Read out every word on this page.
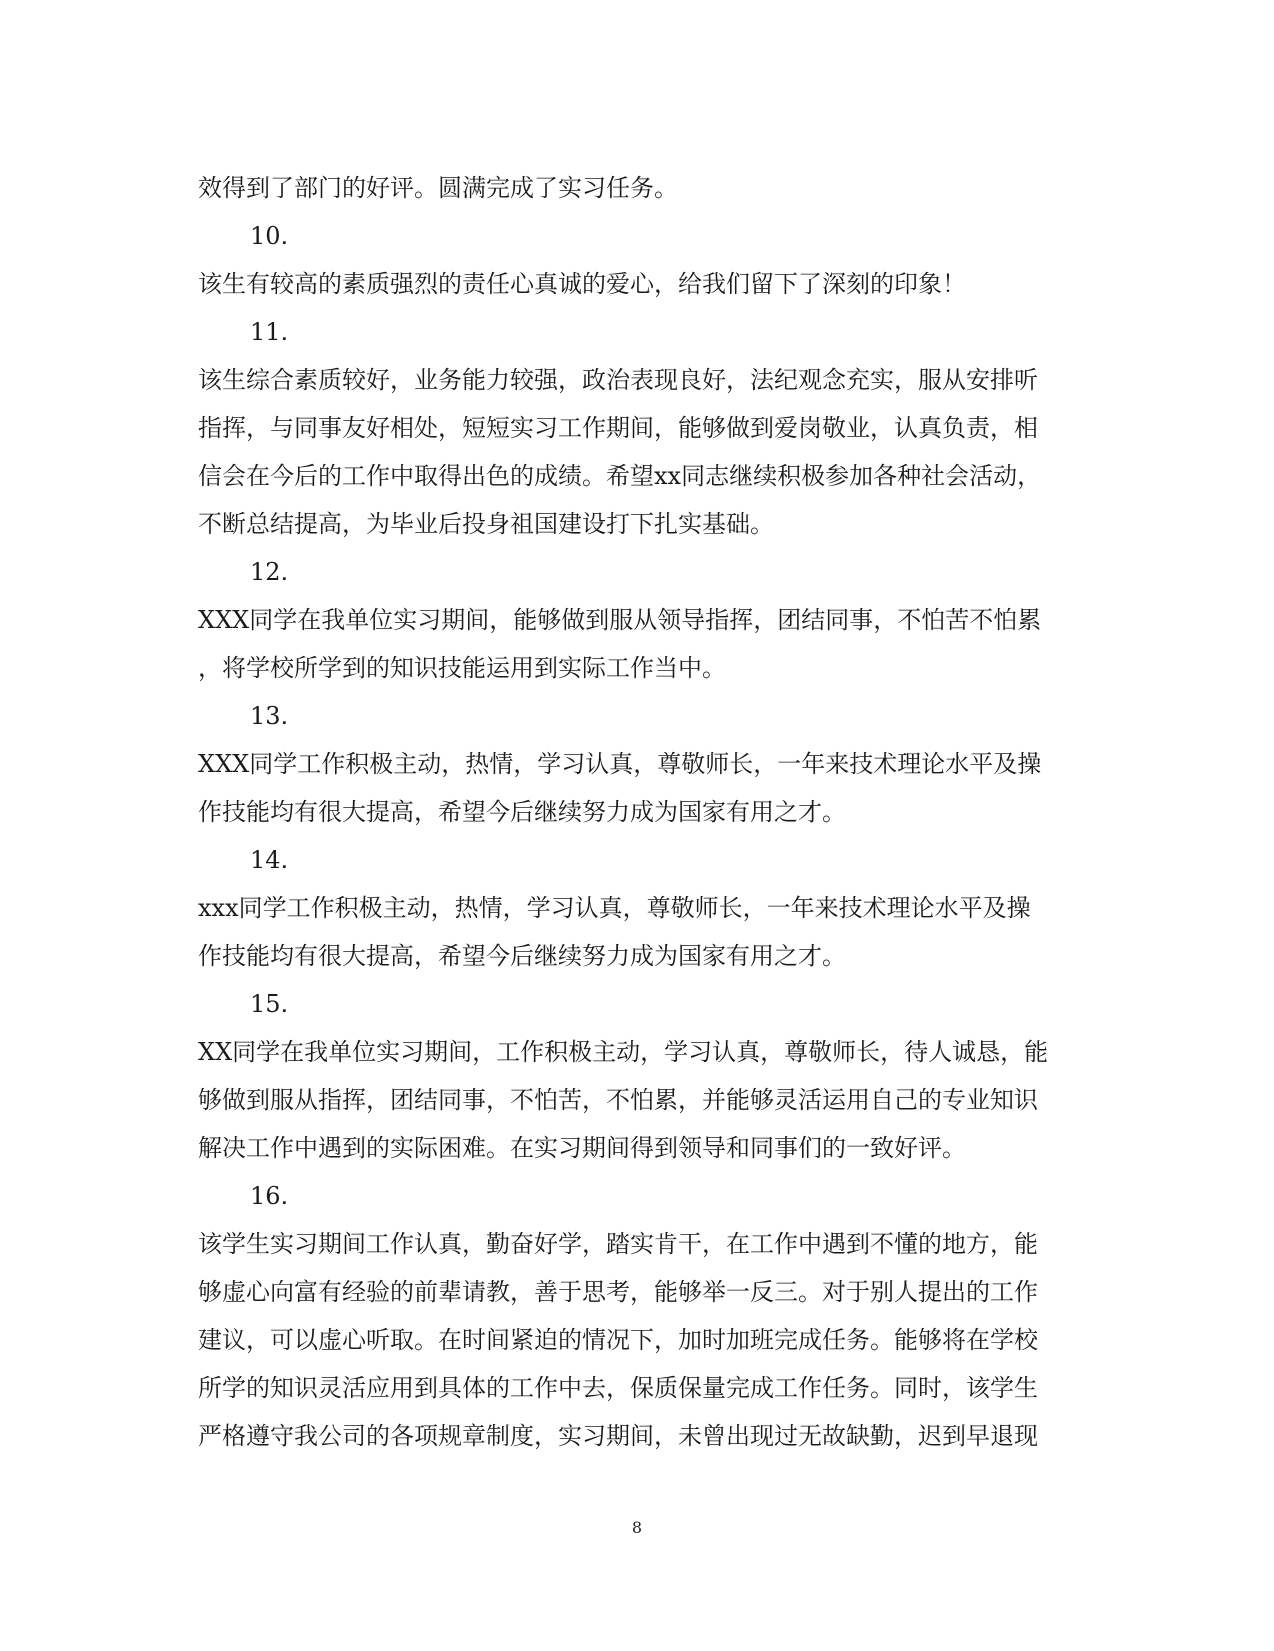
效得到了部门的好评。圆满完成了实习任务。
10.
该生有较高的素质强烈的责任心真诚的爱心，给我们留下了深刻的印象！
11.
该生综合素质较好，业务能力较强，政治表现良好，法纪观念充实，服从安排听
指挥，与同事友好相处，短短实习工作期间，能够做到爱岗敬业，认真负责，相
信会在今后的工作中取得出色的成绩。希望xx同志继续积极参加各种社会活动，
不断总结提高，为毕业后投身祖国建设打下扎实基础。
12.
XXX同学在我单位实习期间，能够做到服从领导指挥，团结同事，不怕苦不怕累
，将学校所学到的知识技能运用到实际工作当中。
13.
XXX同学工作积极主动，热情，学习认真，尊敬师长，一年来技术理论水平及操
作技能均有很大提高，希望今后继续努力成为国家有用之才。
14.
xxx同学工作积极主动，热情，学习认真，尊敬师长，一年来技术理论水平及操
作技能均有很大提高，希望今后继续努力成为国家有用之才。
15.
XX同学在我单位实习期间，工作积极主动，学习认真，尊敬师长，待人诚恳，能
够做到服从指挥，团结同事，不怕苦，不怕累，并能够灵活运用自己的专业知识
解决工作中遇到的实际困难。在实习期间得到领导和同事们的一致好评。
16.
该学生实习期间工作认真，勤奋好学，踏实肯干，在工作中遇到不懂的地方，能
够虚心向富有经验的前辈请教，善于思考，能够举一反三。对于别人提出的工作
建议，可以虚心听取。在时间紧迫的情况下，加时加班完成任务。能够将在学校
所学的知识灵活应用到具体的工作中去，保质保量完成工作任务。同时，该学生
严格遵守我公司的各项规章制度，实习期间，未曾出现过无故缺勤，迟到早退现
8
